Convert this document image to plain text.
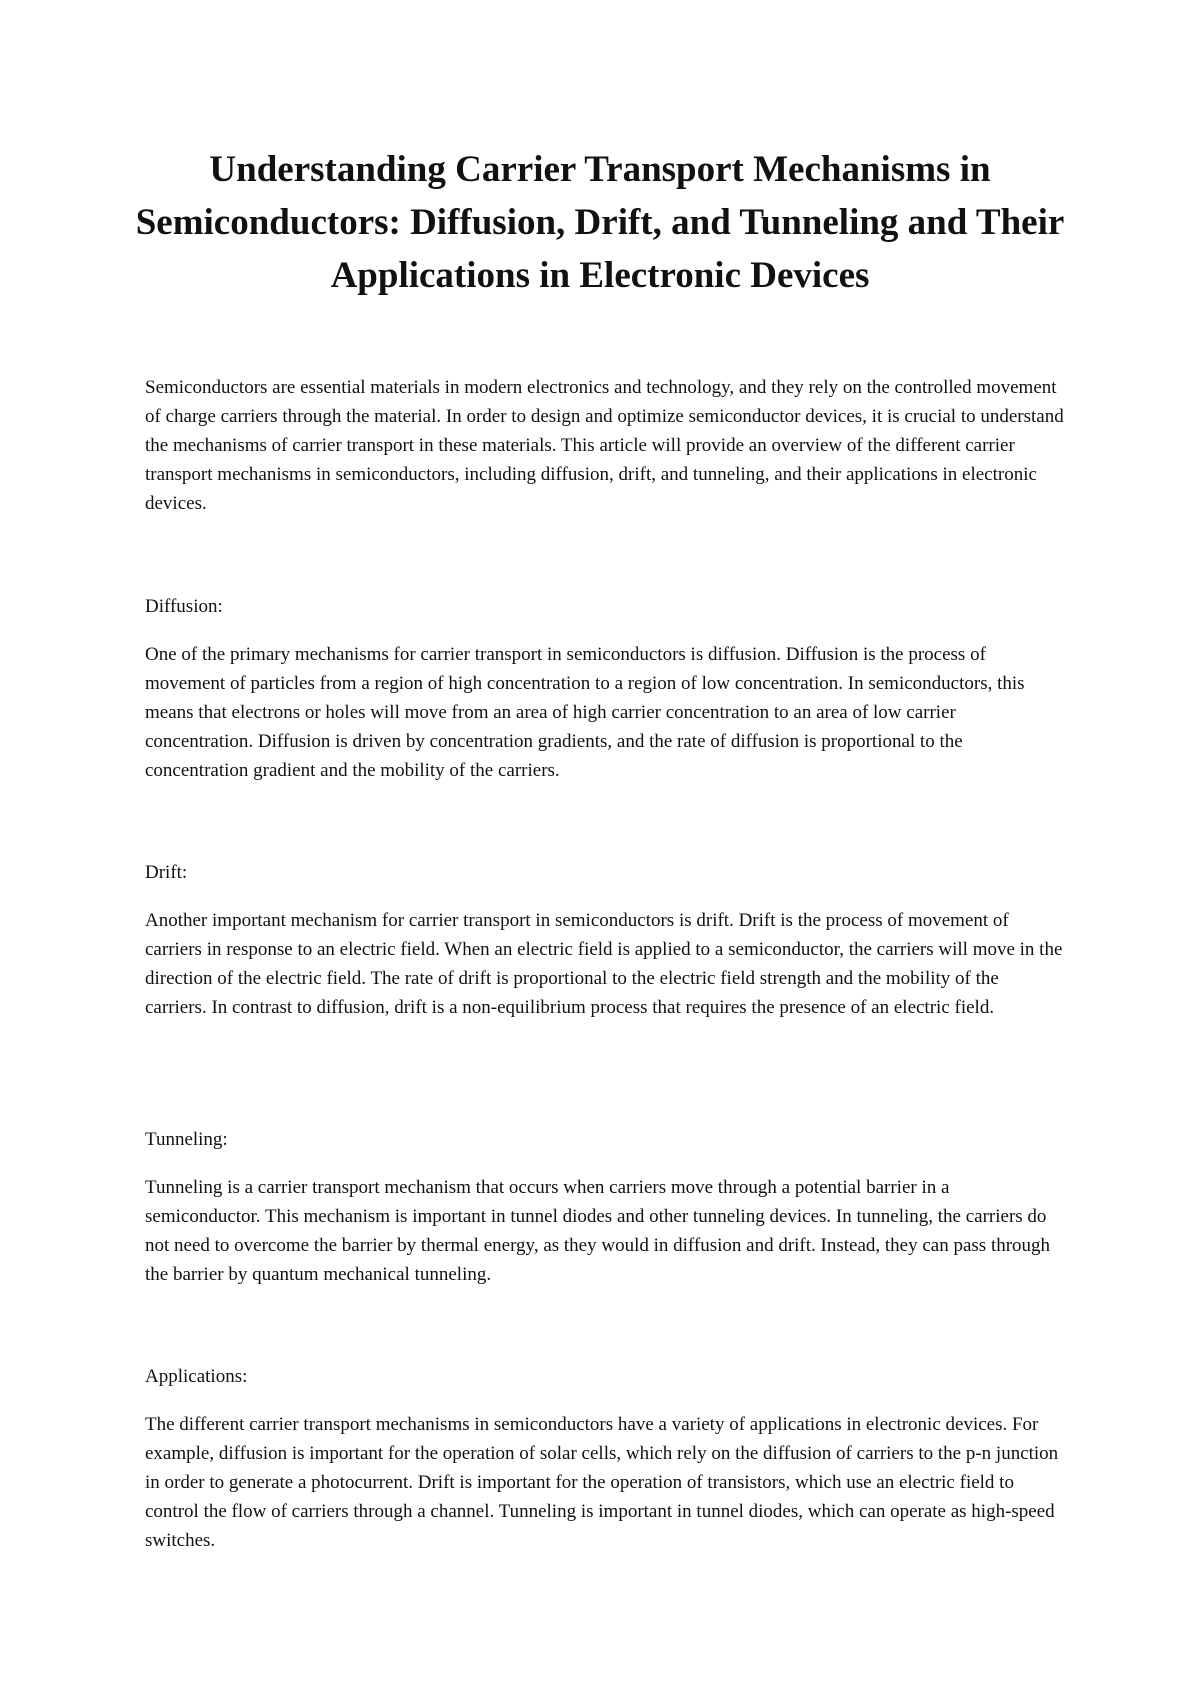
Understanding Carrier Transport Mechanisms in Semiconductors: Diffusion, Drift, and Tunneling and Their Applications in Electronic Devices

Semiconductors are essential materials in modern electronics and technology, and they rely on the controlled movement of charge carriers through the material. In order to design and optimize semiconductor devices, it is crucial to understand the mechanisms of carrier transport in these materials. This article will provide an overview of the different carrier transport mechanisms in semiconductors, including diffusion, drift, and tunneling, and their applications in electronic devices.

Diffusion:

One of the primary mechanisms for carrier transport in semiconductors is diffusion. Diffusion is the process of movement of particles from a region of high concentration to a region of low concentration. In semiconductors, this means that electrons or holes will move from an area of high carrier concentration to an area of low carrier concentration. Diffusion is driven by concentration gradients, and the rate of diffusion is proportional to the concentration gradient and the mobility of the carriers.

Drift:

Another important mechanism for carrier transport in semiconductors is drift. Drift is the process of movement of carriers in response to an electric field. When an electric field is applied to a semiconductor, the carriers will move in the direction of the electric field. The rate of drift is proportional to the electric field strength and the mobility of the carriers. In contrast to diffusion, drift is a non-equilibrium process that requires the presence of an electric field.

Tunneling:

Tunneling is a carrier transport mechanism that occurs when carriers move through a potential barrier in a semiconductor. This mechanism is important in tunnel diodes and other tunneling devices. In tunneling, the carriers do not need to overcome the barrier by thermal energy, as they would in diffusion and drift. Instead, they can pass through the barrier by quantum mechanical tunneling.

Applications:

The different carrier transport mechanisms in semiconductors have a variety of applications in electronic devices. For example, diffusion is important for the operation of solar cells, which rely on the diffusion of carriers to the p-n junction in order to generate a photocurrent. Drift is important for the operation of transistors, which use an electric field to control the flow of carriers through a channel. Tunneling is important in tunnel diodes, which can operate as high-speed switches.
